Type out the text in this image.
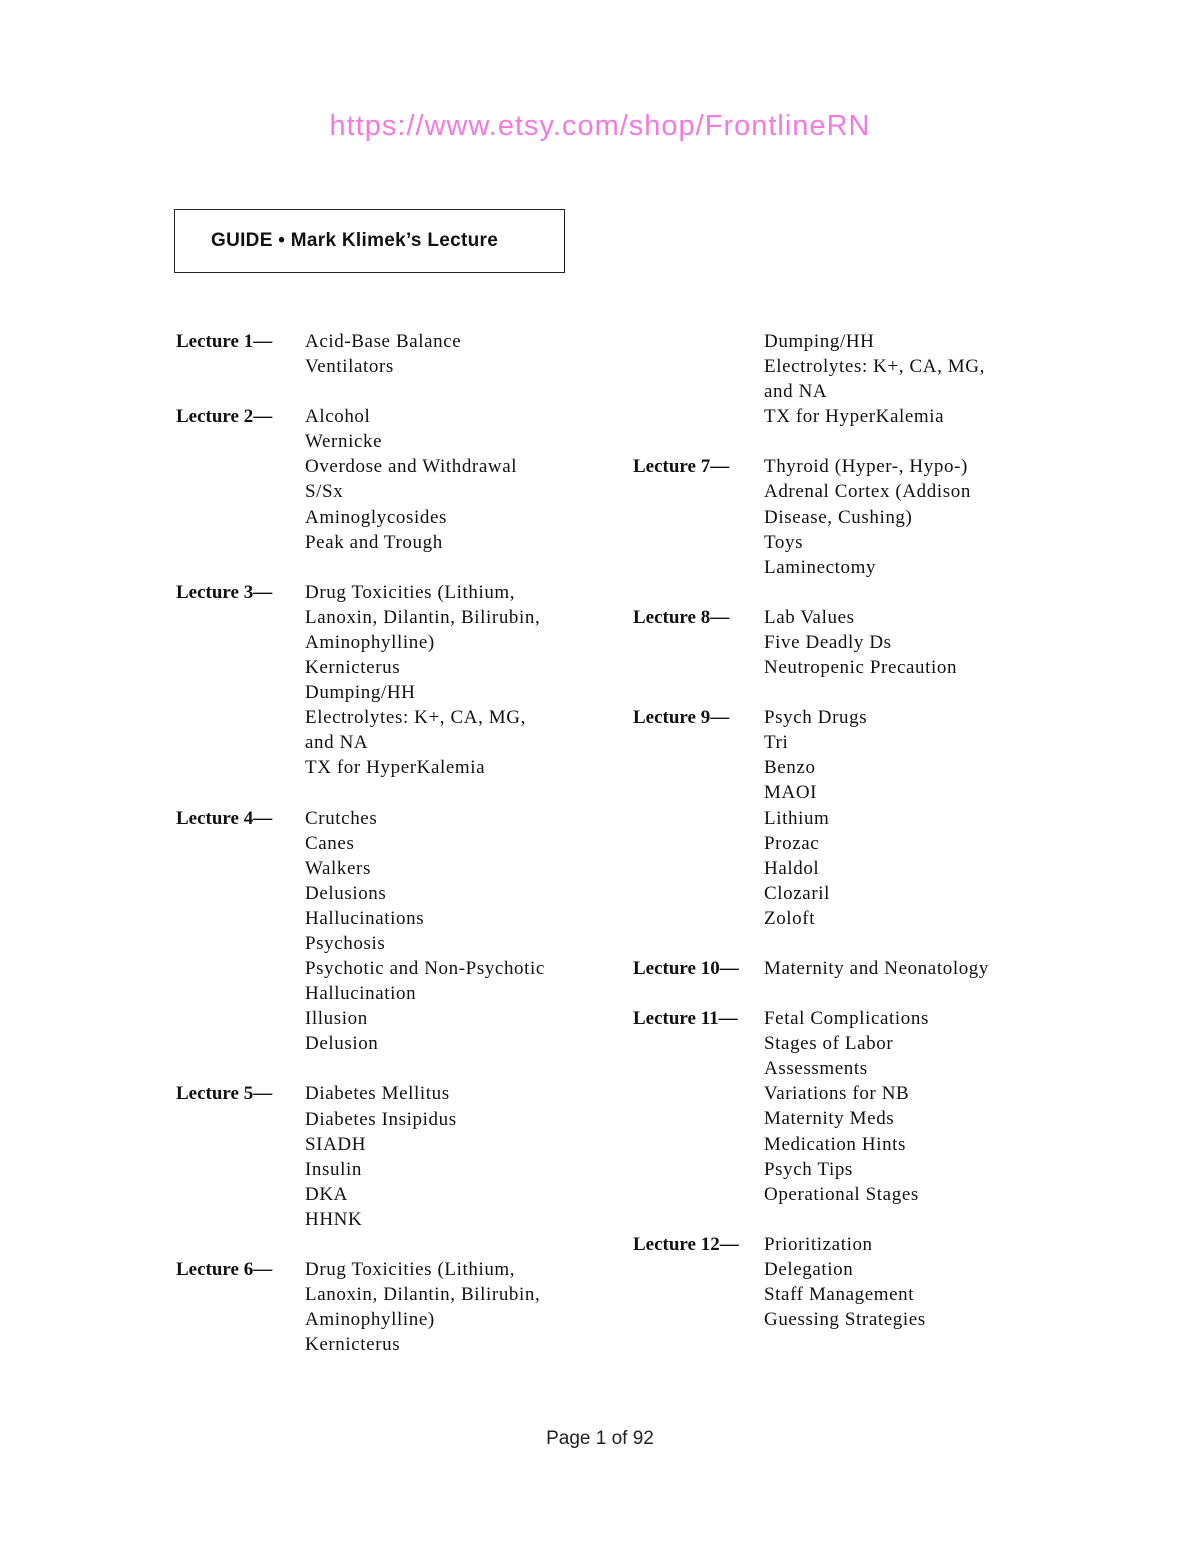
https://www.etsy.com/shop/FrontlineRN
GUIDE • Mark Klimek’s Lecture
Lecture 1—	Acid-Base Balance
Ventilators
Lecture 2—	Alcohol
Wernicke
Overdose and Withdrawal
S/Sx
Aminoglycosides
Peak and Trough
Lecture 3—	Drug Toxicities (Lithium,
Lanoxin, Dilantin, Bilirubin,
Aminophylline)
Kernicterus
Dumping/HH
Electrolytes: K+, CA, MG,
and NA
TX for HyperKalemia
Lecture 4—	Crutches
Canes
Walkers
Delusions
Hallucinations
Psychosis
Psychotic and Non-Psychotic
Hallucination
Illusion
Delusion
Lecture 5—	Diabetes Mellitus
Diabetes Insipidus
SIADH
Insulin
DKA
HHNK
Lecture 6—	Drug Toxicities (Lithium,
Lanoxin, Dilantin, Bilirubin,
Aminophylline)
Kernicterus
Dumping/HH
Electrolytes: K+, CA, MG,
and NA
TX for HyperKalemia
Lecture 7—	Thyroid (Hyper-, Hypo-)
Adrenal Cortex (Addison
Disease, Cushing)
Toys
Laminectomy
Lecture 8—	Lab Values
Five Deadly Ds
Neutropenic Precaution
Lecture 9—	Psych Drugs
Tri
Benzo
MAOI
Lithium
Prozac
Haldol
Clozaril
Zoloft
Lecture 10—	Maternity and Neonatology
Lecture 11—	Fetal Complications
Stages of Labor
Assessments
Variations for NB
Maternity Meds
Medication Hints
Psych Tips
Operational Stages
Lecture 12—	Prioritization
Delegation
Staff Management
Guessing Strategies
Page 1 of 92
